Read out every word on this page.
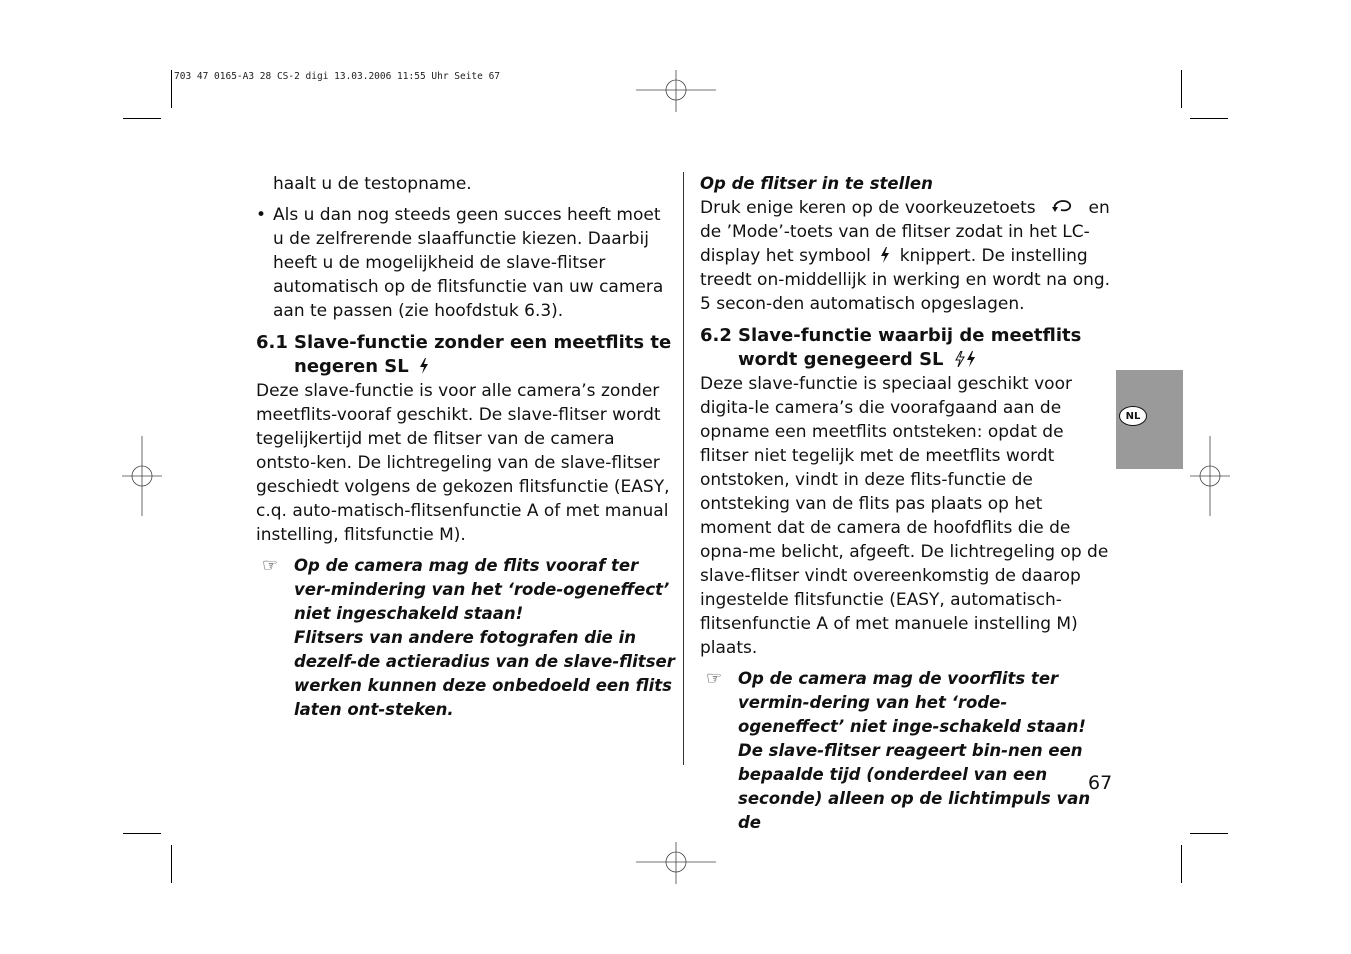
703 47 0165-A3 28 CS-2 digi 13.03.2006 11:55 Uhr Seite 67
NL

haalt u de testopname.

• Als u dan nog steeds geen succes heeft moet u de zelfrerende slaaffunctie kiezen. Daarbij heeft u de mogelijkheid de slave-flitser automatisch op de flitsfunctie van uw camera aan te passen (zie hoofdstuk 6.3).
6.1 Slave-functie zonder een meetflits te negeren SL

Deze slave-functie is voor alle camera’s zonder meetflits-vooraf geschikt. De slave-flitser wordt tegelijkertijd met de flitser van de camera ontsto-ken. De lichtregeling van de slave-flitser geschiedt volgens de gekozen flitsfunctie (EASY, c.q. auto-matisch-flitsenfunctie A of met manual instelling, flitsfunctie M).

☞ Op de camera mag de flits vooraf ter ver-mindering van het ‘rode-ogeneffect’ niet ingeschakeld staan!
Flitsers van andere fotografen die in dezelf-de actieradius van de slave-flitser werken kunnen deze onbedoeld een flits laten ont-steken.

Op de flitser in te stellen

Druk enige keren op de voorkeuzetoets	en de ’Mode’-toets van de flitser zodat in het LC-display het symbool knippert. De instelling treedt on-middellijk in werking en wordt na ong. 5 secon-den automatisch opgeslagen.

6.2 Slave-functie waarbij de meetflits wordt genegeerd SL

Deze slave-functie is speciaal geschikt voor digita-le camera’s die voorafgaand aan de opname een meetflits ontsteken: opdat de flitser niet tegelijk met de meetflits wordt ontstoken, vindt in deze flits-functie de ontsteking van de flits pas plaats op het moment dat de camera de hoofdflits die de opna-me belicht, afgeeft. De lichtregeling op de slave-flitser vindt overeenkomstig de daarop ingestelde flitsfunctie (EASY, automatisch-flitsenfunctie A of met manuele instelling M) plaats.

☞ Op de camera mag de voorflits ter vermin-dering van het ‘rode-ogeneffect’ niet inge-schakeld staan! De slave-flitser reageert bin-nen een bepaalde tijd (onderdeel van een seconde) alleen op de lichtimpuls van de
67
